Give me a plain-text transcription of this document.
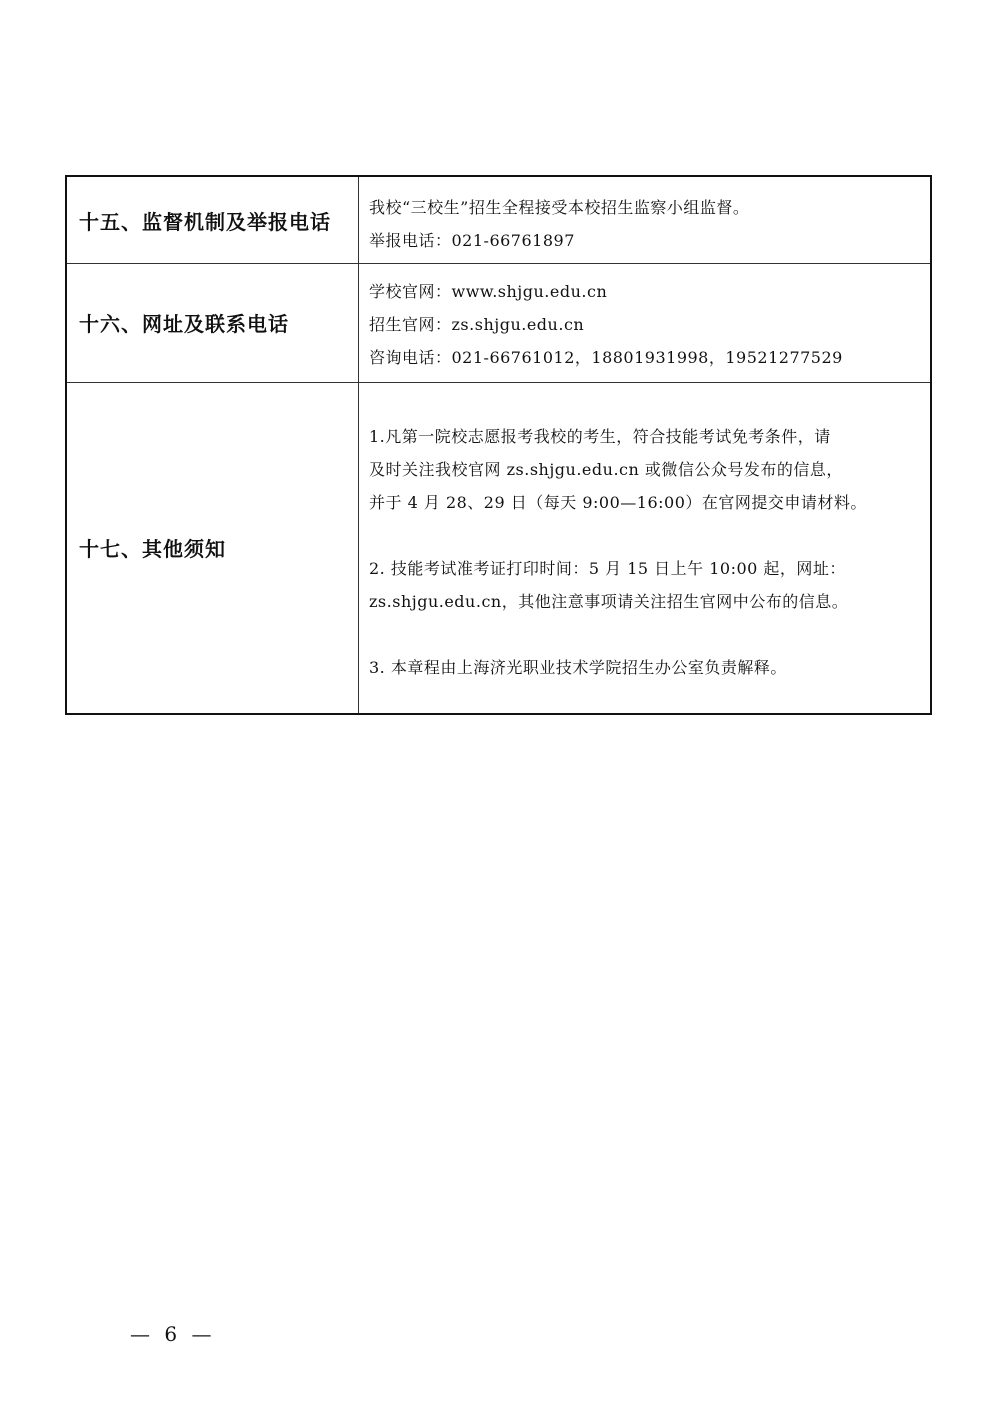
十五、监督机制及举报电话
我校“三校生”招生全程接受本校招生监察小组监督。
举报电话：021-66761897
十六、网址及联系电话
学校官网：www.shjgu.edu.cn
招生官网：zs.shjgu.edu.cn
咨询电话：021-66761012，18801931998，19521277529
十七、其他须知
1.凡第一院校志愿报考我校的考生，符合技能考试免考条件，请
及时关注我校官网 zs.shjgu.edu.cn 或微信公众号发布的信息，
并于 4 月 28、29 日（每天 9:00—16:00）在官网提交申请材料。
2. 技能考试准考证打印时间：5 月 15 日上午 10:00 起，网址：
zs.shjgu.edu.cn，其他注意事项请关注招生官网中公布的信息。
3. 本章程由上海济光职业技术学院招生办公室负责解释。
— 6 —
